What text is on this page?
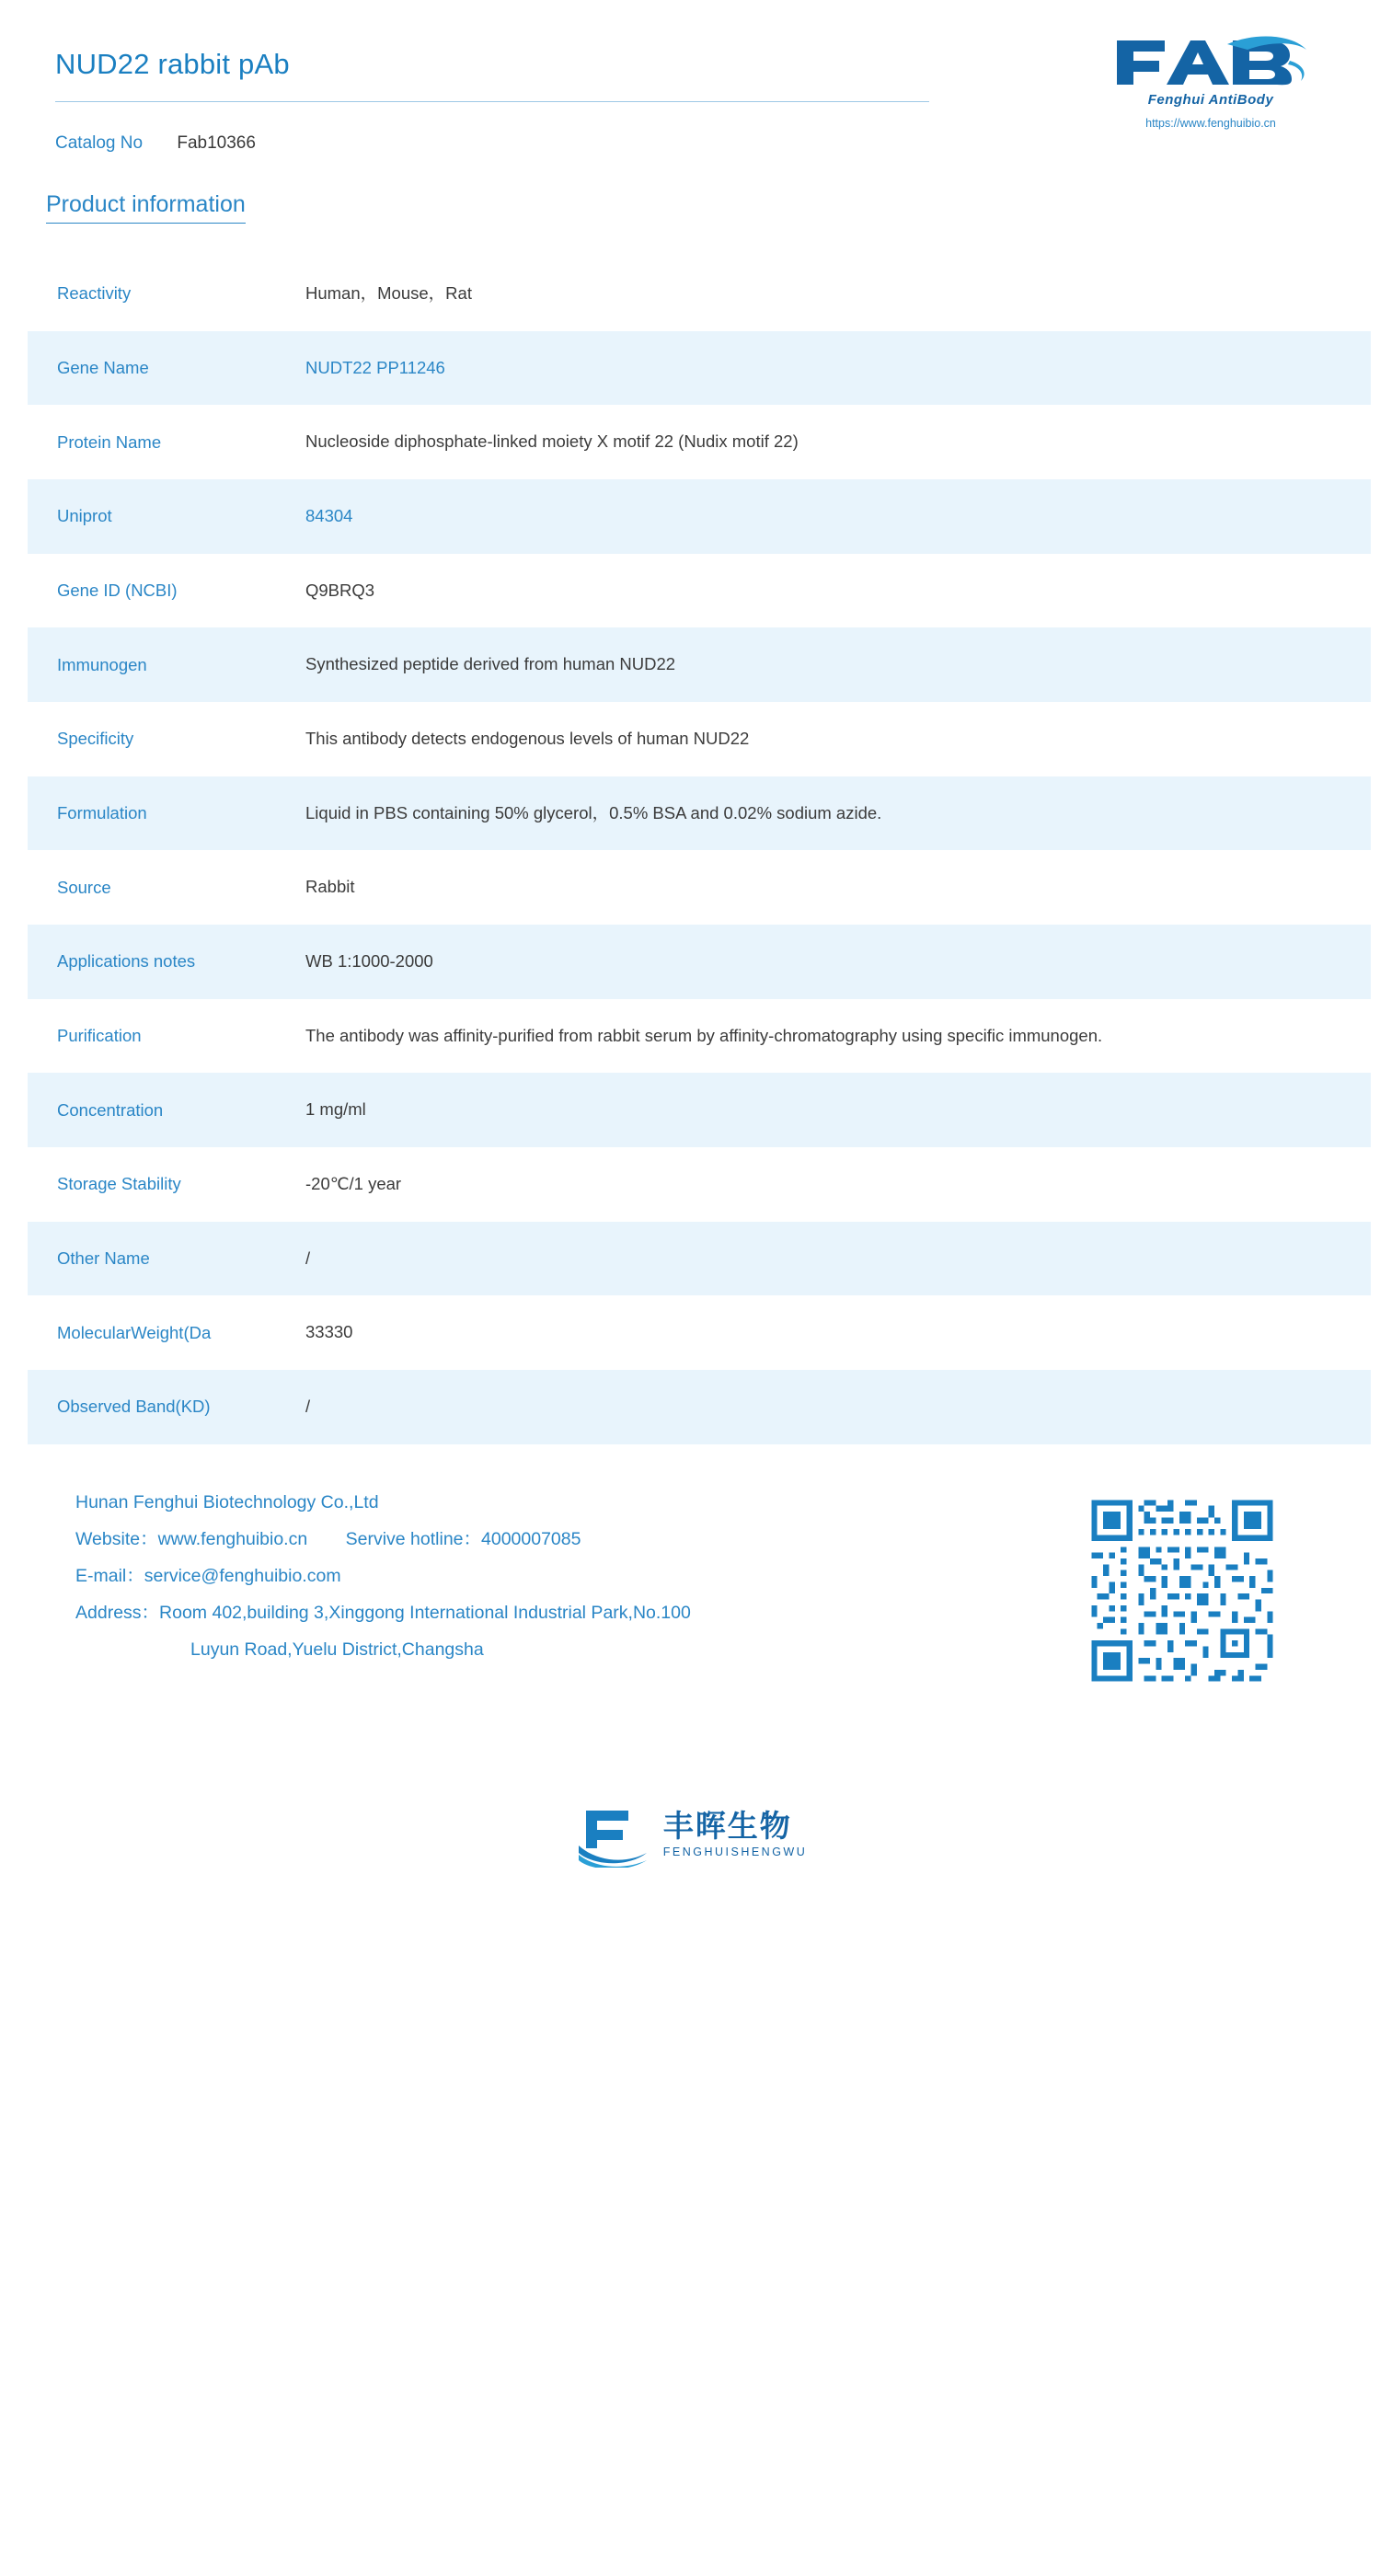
NUD22 rabbit pAb
Catalog No Fab10366
Fenghui AntiBody
https://www.fenghuibio.cn
Product information
Reactivity	Human，Mouse，Rat
Gene Name	NUDT22 PP11246
Protein Name	Nucleoside diphosphate-linked moiety X motif 22 (Nudix motif 22)
Uniprot	84304
Gene ID (NCBI)	Q9BRQ3
Immunogen	Synthesized peptide derived from human NUD22
Specificity	This antibody detects endogenous levels of human NUD22
Formulation	Liquid in PBS containing 50% glycerol，0.5% BSA and 0.02% sodium azide.
Source	Rabbit
Applications notes	WB 1:1000-2000
Purification	The antibody was affinity-purified from rabbit serum by affinity-chromatography using specific immunogen.
Concentration	1 mg/ml
Storage Stability	-20℃/1 year
Other Name	/
MolecularWeight(Da	33330
Observed Band(KD)	/
Hunan Fenghui Biotechnology Co.,Ltd
Website：www.fenghuibio.cn Servive hotline：4000007085
E-mail：service@fenghuibio.com
Address：Room 402,building 3,Xinggong International Industrial Park,No.100
Luyun Road,Yuelu District,Changsha
丰晖生物
FENGHUISHENGWU
